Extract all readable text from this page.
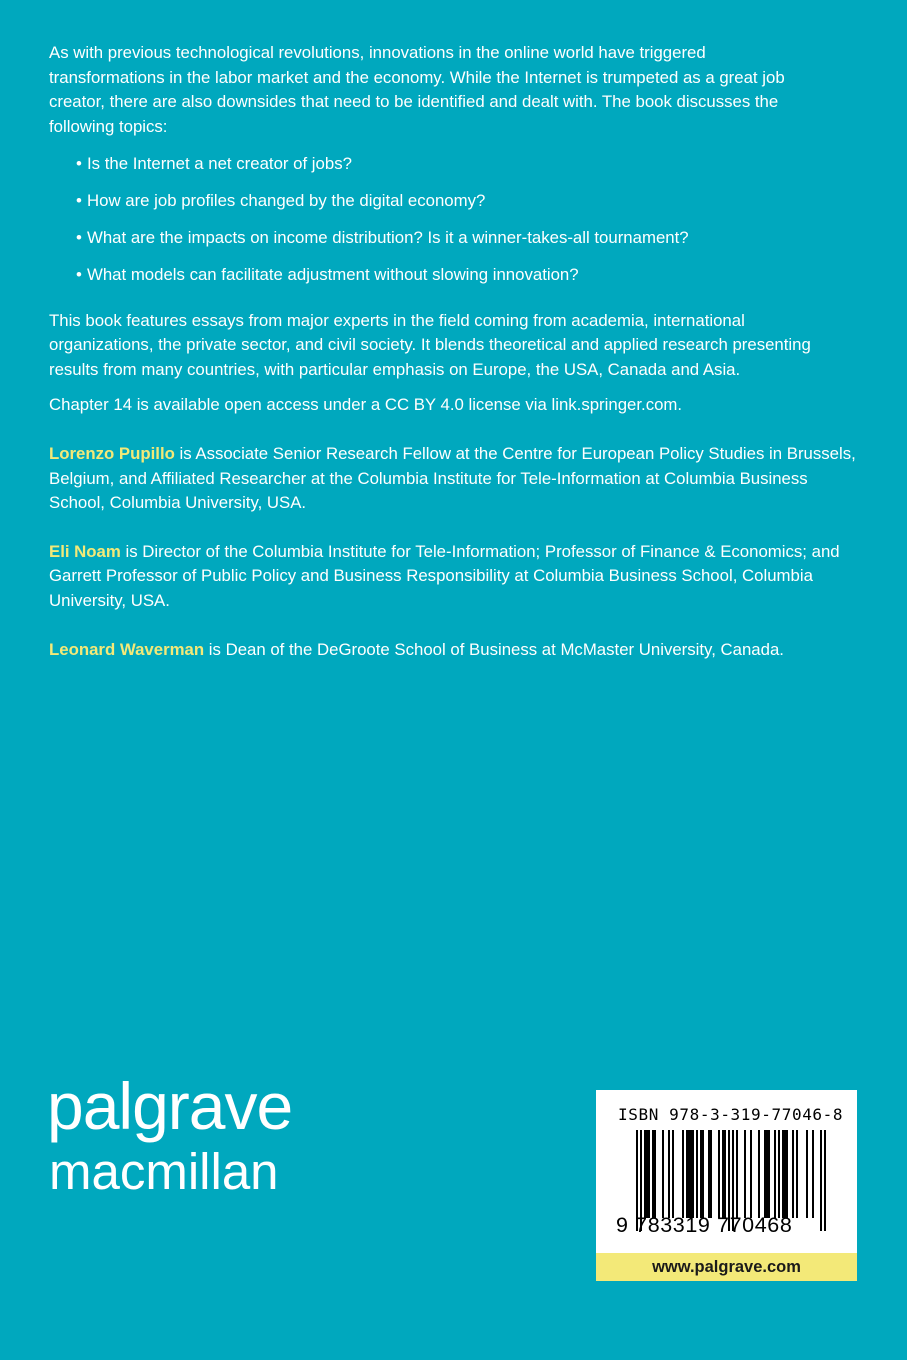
As with previous technological revolutions, innovations in the online world have triggered transformations in the labor market and the economy. While the Internet is trumpeted as a great job creator, there are also downsides that need to be identified and dealt with. The book discusses the following topics:

• Is the Internet a net creator of jobs?
• How are job profiles changed by the digital economy?
• What are the impacts on income distribution? Is it a winner-takes-all tournament?
• What models can facilitate adjustment without slowing innovation?

This book features essays from major experts in the field coming from academia, international organizations, the private sector, and civil society. It blends theoretical and applied research presenting results from many countries, with particular emphasis on Europe, the USA, Canada and Asia.

Chapter 14 is available open access under a CC BY 4.0 license via link.springer.com.

Lorenzo Pupillo is Associate Senior Research Fellow at the Centre for European Policy Studies in Brussels, Belgium, and Affiliated Researcher at the Columbia Institute for Tele-Information at Columbia Business School, Columbia University, USA.

Eli Noam is Director of the Columbia Institute for Tele-Information; Professor of Finance & Economics; and Garrett Professor of Public Policy and Business Responsibility at Columbia Business School, Columbia University, USA.

Leonard Waverman is Dean of the DeGroote School of Business at McMaster University, Canada.

palgrave
macmillan
ISBN 978-3-319-77046-8
9 783319 770468
www.palgrave.com
